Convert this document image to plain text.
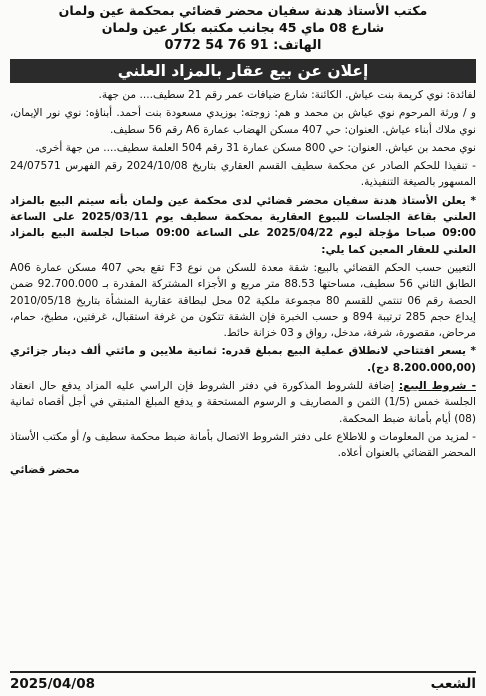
مكتب الأستاذ هدنة سفيان محضر قضائي بمحكمة عين ولمان
شارع 08 ماي 45 بجانب مكتبه بكار عين ولمان
الهاتف: 0772 54 76 91
إعلان عن بيع عقار بالمزاد العلني

لفائدة: نوي كريمة بنت عياش. الكائنة: شارع ضيافات عمر رقم 21 سطيف.... من جهة.

و / ورثة المرحوم نوي عياش بن محمد و هم: زوجته: بوزيدي مسعودة بنت أحمد. أبناؤه: نوي نور الإيمان، نوي ملاك أبناء عياش. العنوان: حي 407 مسكن الهضاب عمارة A6 رقم 56 سطيف.

نوي محمد بن عياش. العنوان: حي 800 مسكن عمارة 31 رقم 504 العلمة سطيف.... من جهة أخرى.

- تنفيذا للحكم الصادر عن محكمة سطيف القسم العقاري بتاريخ 2024/10/08 رقم الفهرس 24/07571 المسهور بالصيغة التنفيذية.

* يعلن الأستاذ هدنة سفيان محضر قضائي لدى محكمة عين ولمان بأنه سيتم البيع بالمزاد العلني بقاعة الجلسات للبيوع العقارية بمحكمة سطيف يوم 2025/03/11 على الساعة 09:00 صباحا مؤجلة ليوم 2025/04/22 على الساعة 09:00 صباحا لجلسة البيع بالمزاد العلني للعقار المعين كما يلي:

التعيين حسب الحكم القضائي بالبيع: شقة معدة للسكن من نوع F3 تقع بحي 407 مسكن عمارة A06 الطابق الثاني 56 سطيف، مساحتها 88.53 متر مربع و الأجزاء المشتركة المقدرة بـ 92.700.000 ضمن الحصة رقم 06 تنتمي للقسم 80 مجموعة ملكية 02 محل لبطاقة عقارية المنشأة بتاريخ 2010/05/18 إيداع حجم 285 ترتيبة 894 و حسب الخبرة فإن الشقة تتكون من غرفة استقبال، غرفتين، مطبخ، حمام، مرحاض، مقصورة، شرفة، مدخل، رواق و 03 خزانة حائط.

* يسعر افتتاحي لانطلاق عملية البيع بمبلغ قدره: ثمانية ملايين و مائتي ألف دينار جزائري (8.200.000,00 دج).

- شروط البيع: إضافة للشروط المذكورة في دفتر الشروط فإن الراسي عليه المزاد يدفع حال انعقاد الجلسة خمس (1/5) الثمن و المصاريف و الرسوم المستحقة و يدفع المبلغ المتبقي في أجل أقصاه ثمانية (08) أيام بأمانة ضبط المحكمة.

- لمزيد من المعلومات و للاطلاع على دفتر الشروط الاتصال بأمانة ضبط محكمة سطيف و/ أو مكتب الأستاذ المحضر القضائي بالعنوان أعلاه.

محضر قضائي
الشعب
2025/04/08
